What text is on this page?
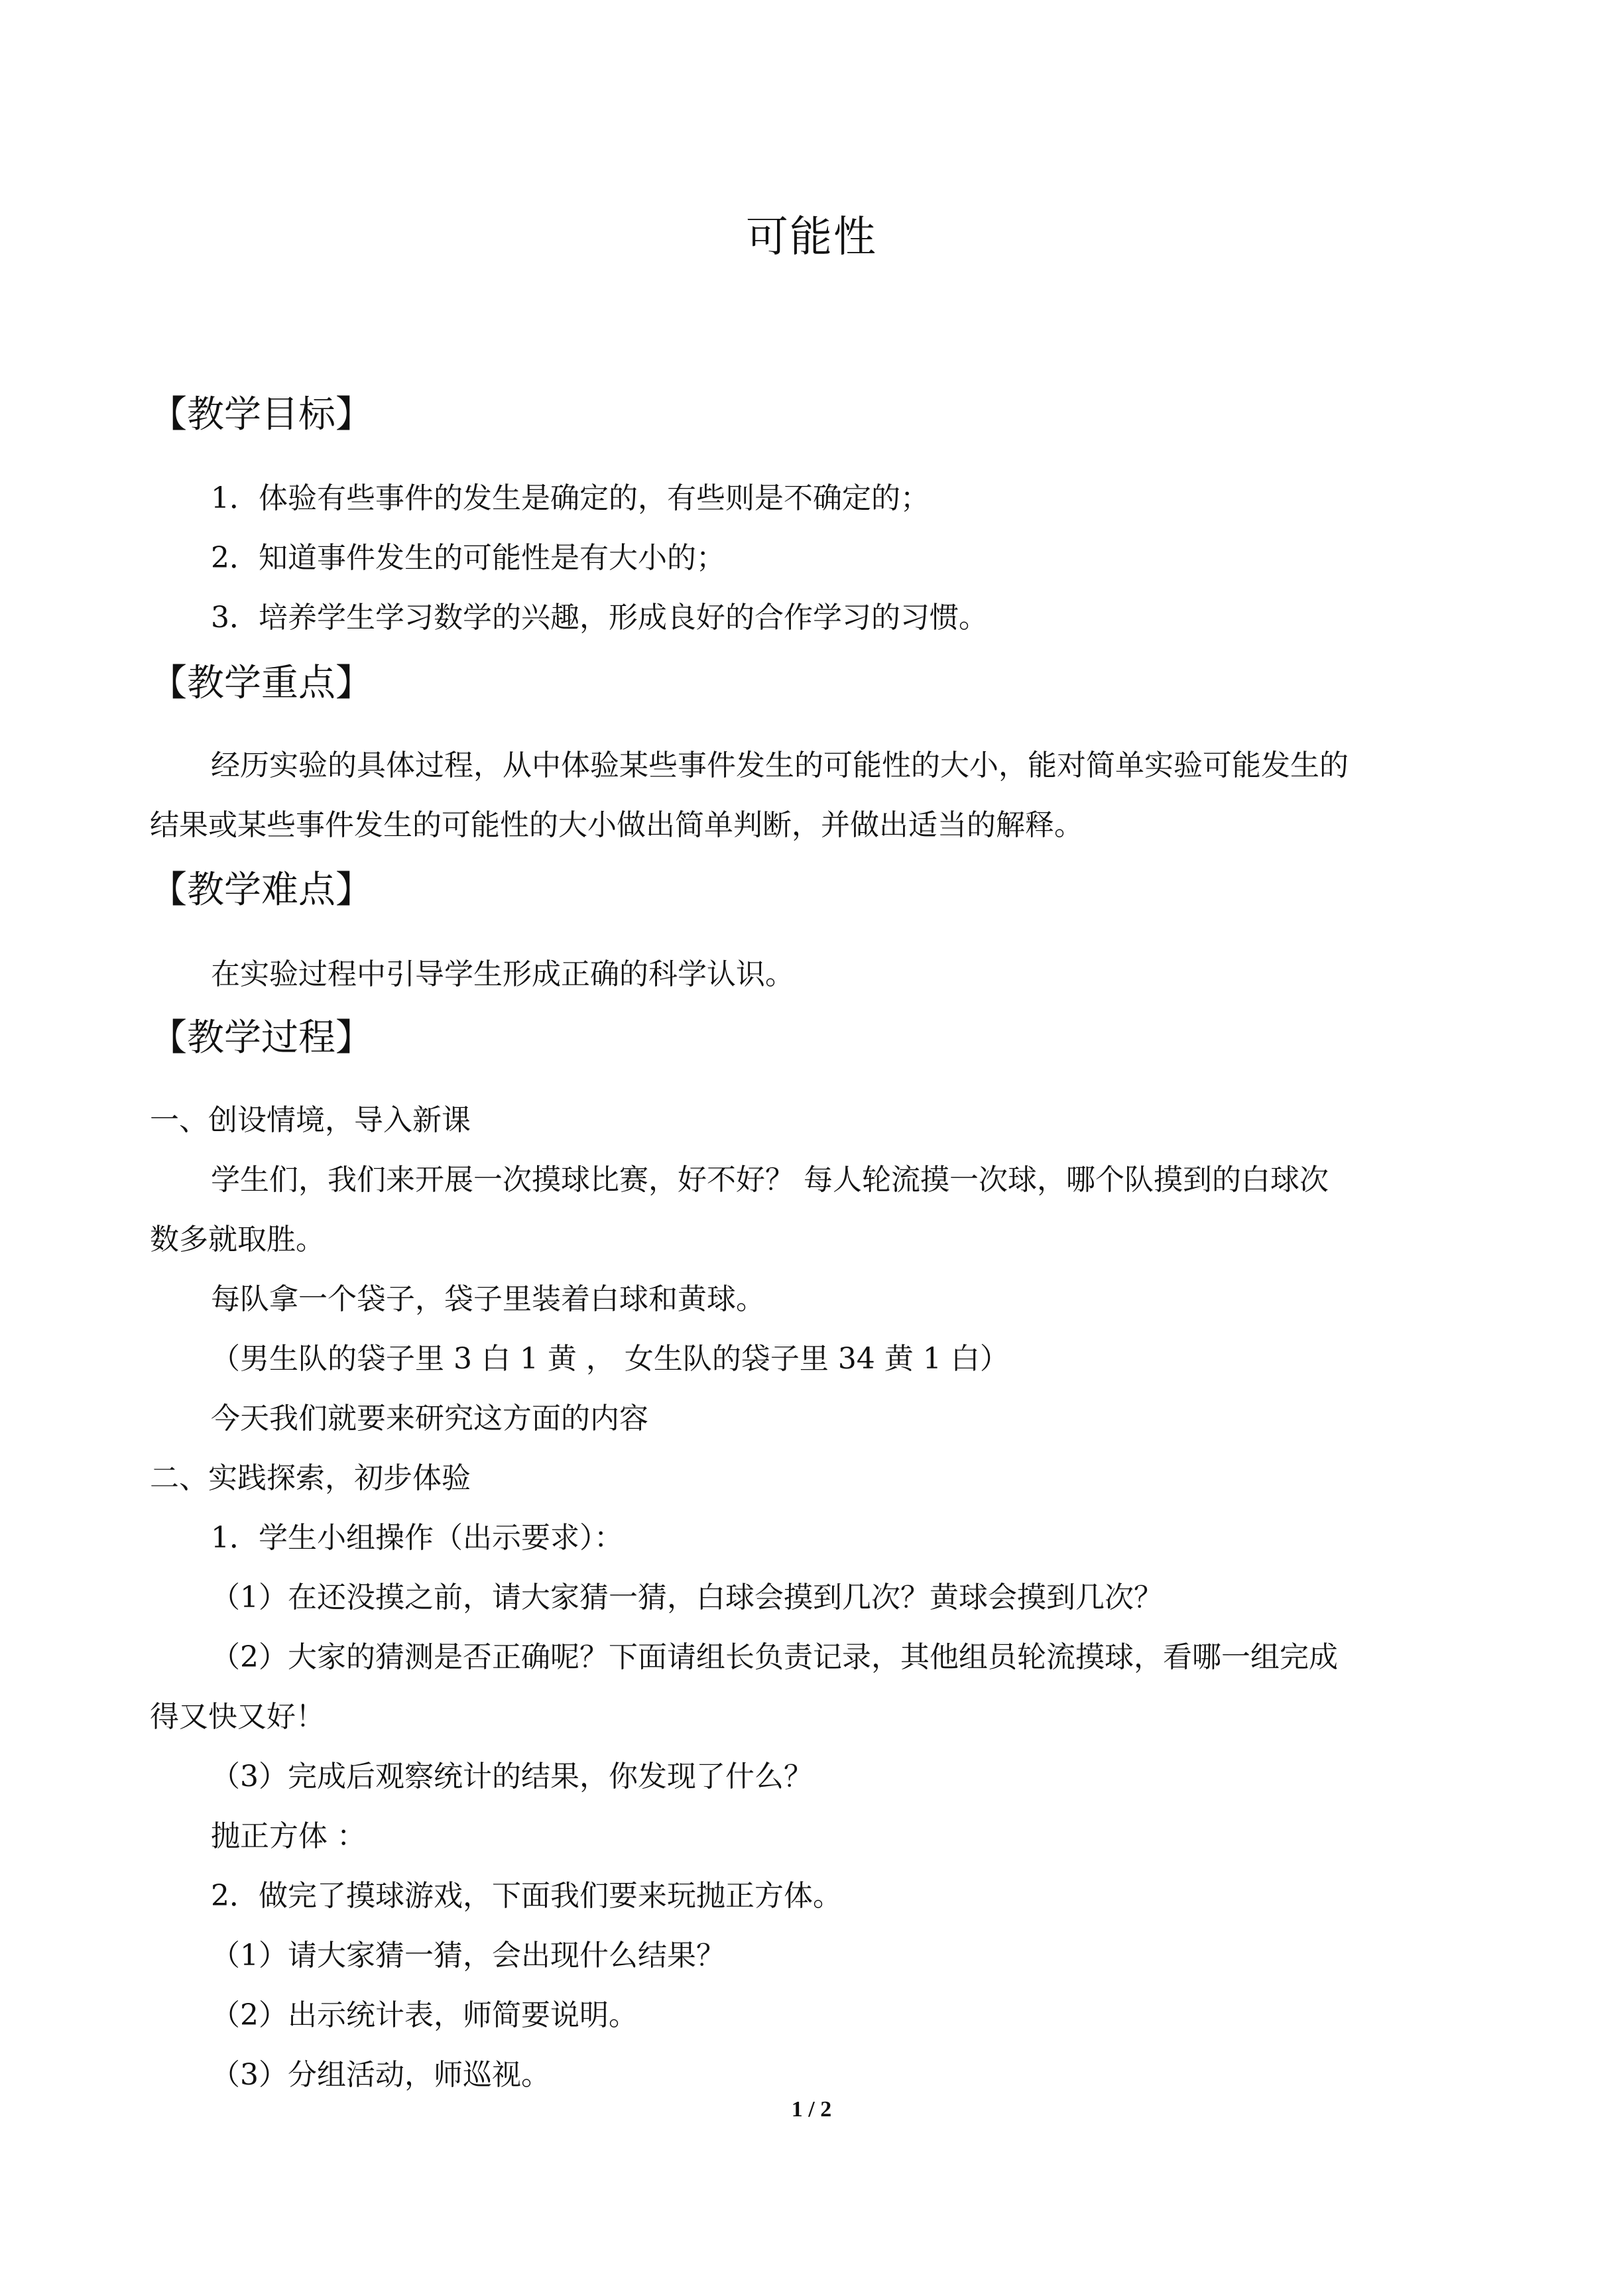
可能性
【教学目标】
1．体验有些事件的发生是确定的，有些则是不确定的；
2．知道事件发生的可能性是有大小的；
3．培养学生学习数学的兴趣，形成良好的合作学习的习惯。
【教学重点】
经历实验的具体过程，从中体验某些事件发生的可能性的大小，能对简单实验可能发生的
结果或某些事件发生的可能性的大小做出简单判断，并做出适当的解释。
【教学难点】
在实验过程中引导学生形成正确的科学认识。
【教学过程】
一、创设情境，导入新课
学生们，我们来开展一次摸球比赛，好不好？ 每人轮流摸一次球，哪个队摸到的白球次
数多就取胜。
每队拿一个袋子，袋子里装着白球和黄球。
（男生队的袋子里 3 白 1 黄 ， 女生队的袋子里 34 黄 1 白）
今天我们就要来研究这方面的内容
二、实践探索，初步体验
1．学生小组操作（出示要求）：
（1）在还没摸之前，请大家猜一猜，白球会摸到几次？黄球会摸到几次？
（2）大家的猜测是否正确呢？下面请组长负责记录，其他组员轮流摸球，看哪一组完成
得又快又好！
（3）完成后观察统计的结果，你发现了什么？
抛正方体 ：
2．做完了摸球游戏，下面我们要来玩抛正方体。
（1）请大家猜一猜，会出现什么结果？
（2）出示统计表，师简要说明。
（3）分组活动，师巡视。
1 / 2
